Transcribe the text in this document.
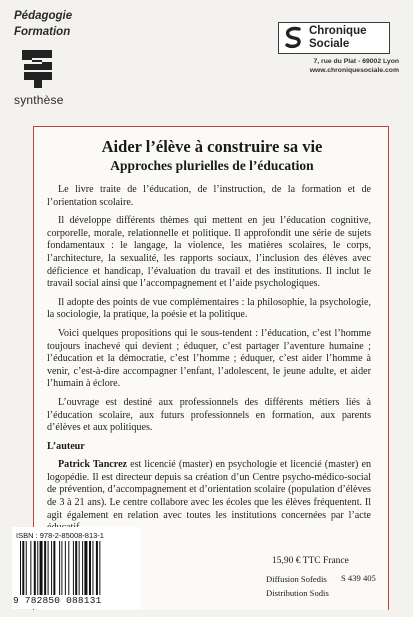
Pédagogie
Formation
synthèse
Chronique
Sociale
7, rue du Plat - 69002 Lyon
www.chroniquesociale.com
Aider l’élève à construire sa vie
Approches plurielles de l’éducation

Le livre traite de l’éducation, de l’instruction, de la formation et de l’orientation scolaire.

Il développe différents thèmes qui mettent en jeu l’éducation cognitive, corporelle, morale, relationnelle et politique. Il approfondit une série de sujets fondamentaux : le langage, la violence, les matières scolaires, le corps, l’architecture, la sexualité, les rapports sociaux, l’inclusion des élèves avec déficience et handicap, l’évaluation du travail et des institutions. Il inclut le travail social ainsi que l’accompagnement et l’aide psychologiques.

Il adopte des points de vue complémentaires : la philosophie, la psychologie, la sociologie, la pratique, la poésie et la politique.

Voici quelques propositions qui le sous-tendent : l’éducation, c’est l’homme toujours inachevé qui devient ; éduquer, c’est partager l’aventure humaine ; l’éducation et la démocratie, c’est l’homme ; éduquer, c’est aider l’homme à venir, c’est-à-dire accompagner l’enfant, l’adolescent, le jeune adulte, et aider l’humain à éclore.

L’ouvrage est destiné aux professionnels des différents métiers liés à l’éducation scolaire, aux futurs professionnels en formation, aux parents d’élèves et aux politiques.

L’auteur

Patrick Tancrez est licencié (master) en psychologie et licencié (master) en logopédie. Il est directeur depuis sa création d’un Centre psycho-médico-social de prévention, d’accompagnement et d’orientation scolaire (population d’élèves de 3 à 21 ans). Le centre collabore avec les écoles que les élèves fréquentent. Il agit également en relation avec toutes les institutions concernées par l’acte

ISBN : 978-2-85008-813-1
9 782850 088131
15,90 € TTC France
Diffusion Sofedis
Distribution Sodis
S 439 405
